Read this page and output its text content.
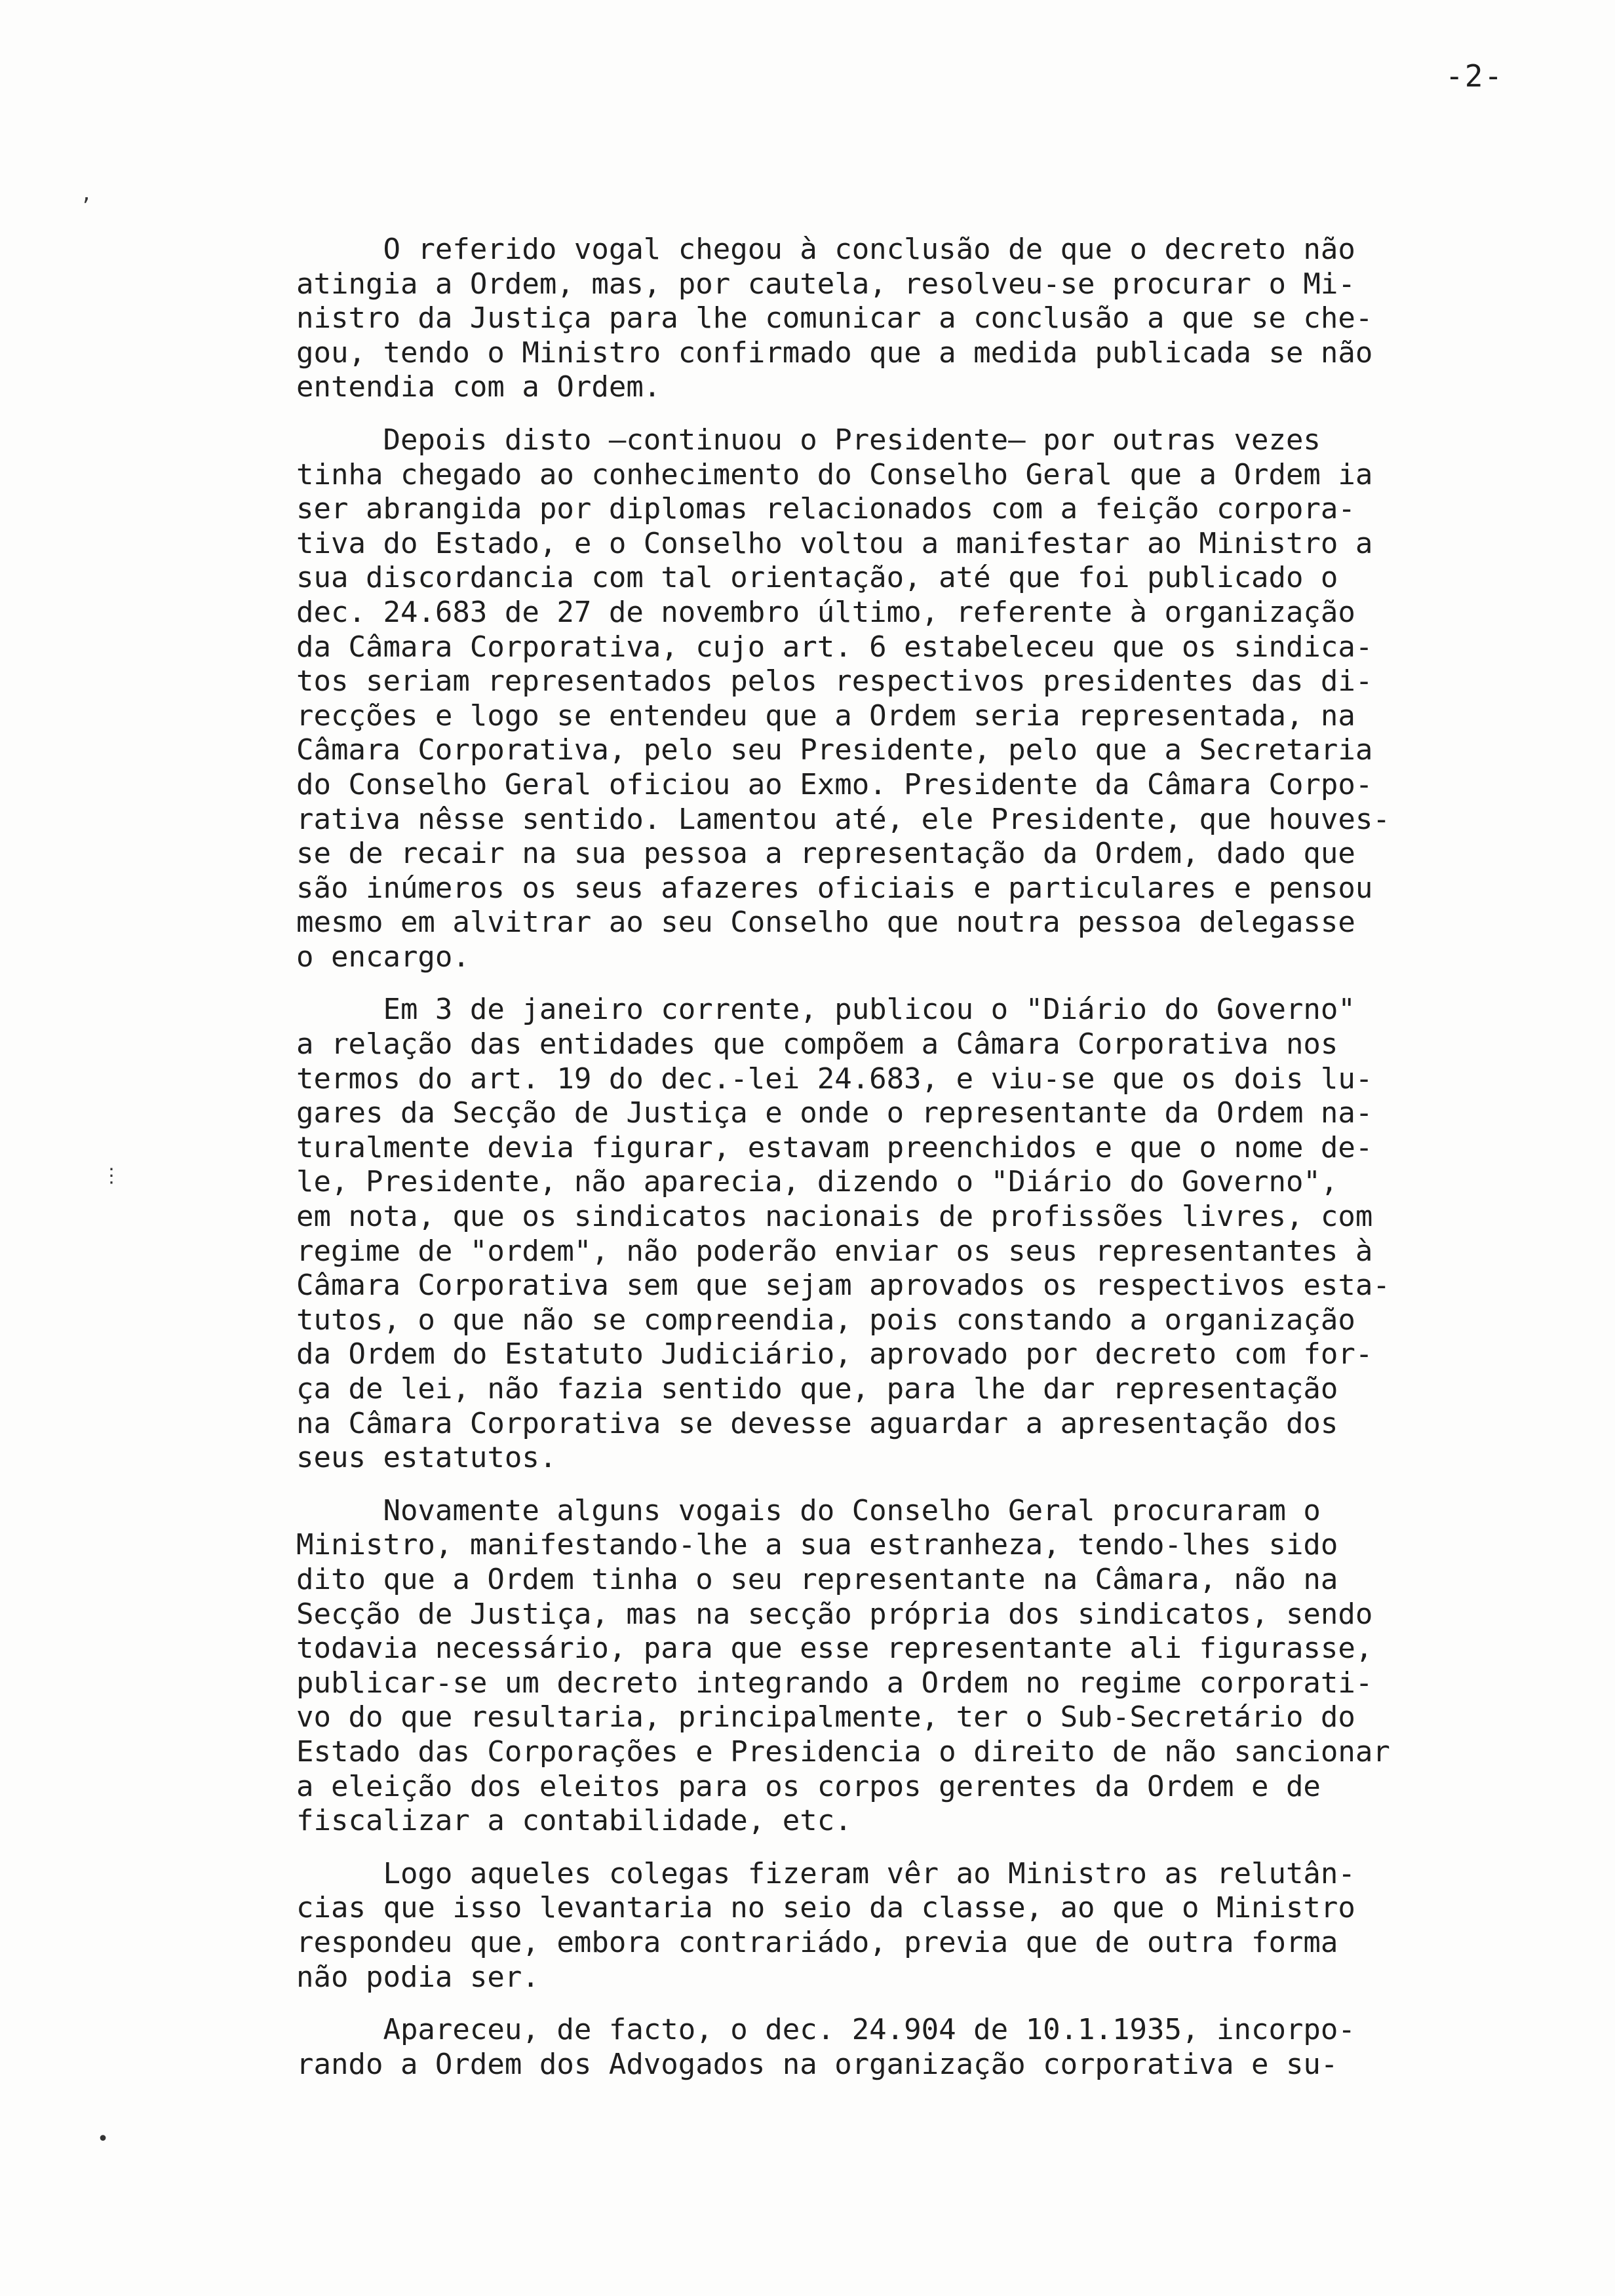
-2-
’
⋮
•
O referido vogal chegou à conclusão de que o decreto não
atingia a Ordem, mas, por cautela, resolveu-se procurar o Mi-
nistro da Justiça para lhe comunicar a conclusão a que se che-
gou, tendo o Ministro confirmado que a medida publicada se não
entendia com a Ordem.
Depois disto —continuou o Presidente— por outras vezes
tinha chegado ao conhecimento do Conselho Geral que a Ordem ia
ser abrangida por diplomas relacionados com a feição corpora-
tiva do Estado, e o Conselho voltou a manifestar ao Ministro a
sua discordancia com tal orientação, até que foi publicado o
dec. 24.683 de 27 de novembro último, referente à organização
da Câmara Corporativa, cujo art. 6 estabeleceu que os sindica-
tos seriam representados pelos respectivos presidentes das di-
recções e logo se entendeu que a Ordem seria representada, na
Câmara Corporativa, pelo seu Presidente, pelo que a Secretaria
do Conselho Geral oficiou ao Exmo. Presidente da Câmara Corpo-
rativa nêsse sentido. Lamentou até, ele Presidente, que houves-
se de recair na sua pessoa a representação da Ordem, dado que
são inúmeros os seus afazeres oficiais e particulares e pensou
mesmo em alvitrar ao seu Conselho que noutra pessoa delegasse
o encargo.
Em 3 de janeiro corrente, publicou o "Diário do Governo"
a relação das entidades que compõem a Câmara Corporativa nos
termos do art. 19 do dec.-lei 24.683, e viu-se que os dois lu-
gares da Secção de Justiça e onde o representante da Ordem na-
turalmente devia figurar, estavam preenchidos e que o nome de-
le, Presidente, não aparecia, dizendo o "Diário do Governo",
em nota, que os sindicatos nacionais de profissões livres, com
regime de "ordem", não poderão enviar os seus representantes à
Câmara Corporativa sem que sejam aprovados os respectivos esta-
tutos, o que não se compreendia, pois constando a organização
da Ordem do Estatuto Judiciário, aprovado por decreto com for-
ça de lei, não fazia sentido que, para lhe dar representação
na Câmara Corporativa se devesse aguardar a apresentação dos
seus estatutos.
Novamente alguns vogais do Conselho Geral procuraram o
Ministro, manifestando-lhe a sua estranheza, tendo-lhes sido
dito que a Ordem tinha o seu representante na Câmara, não na
Secção de Justiça, mas na secção própria dos sindicatos, sendo
todavia necessário, para que esse representante ali figurasse,
publicar-se um decreto integrando a Ordem no regime corporati-
vo do que resultaria, principalmente, ter o Sub-Secretário do
Estado das Corporações e Presidencia o direito de não sancionar
a eleição dos eleitos para os corpos gerentes da Ordem e de
fiscalizar a contabilidade, etc.
Logo aqueles colegas fizeram vêr ao Ministro as relutân-
cias que isso levantaria no seio da classe, ao que o Ministro
respondeu que, embora contrariádo, previa que de outra forma
não podia ser.
Apareceu, de facto, o dec. 24.904 de 10.1.1935, incorpo-
rando a Ordem dos Advogados na organização corporativa e su-
